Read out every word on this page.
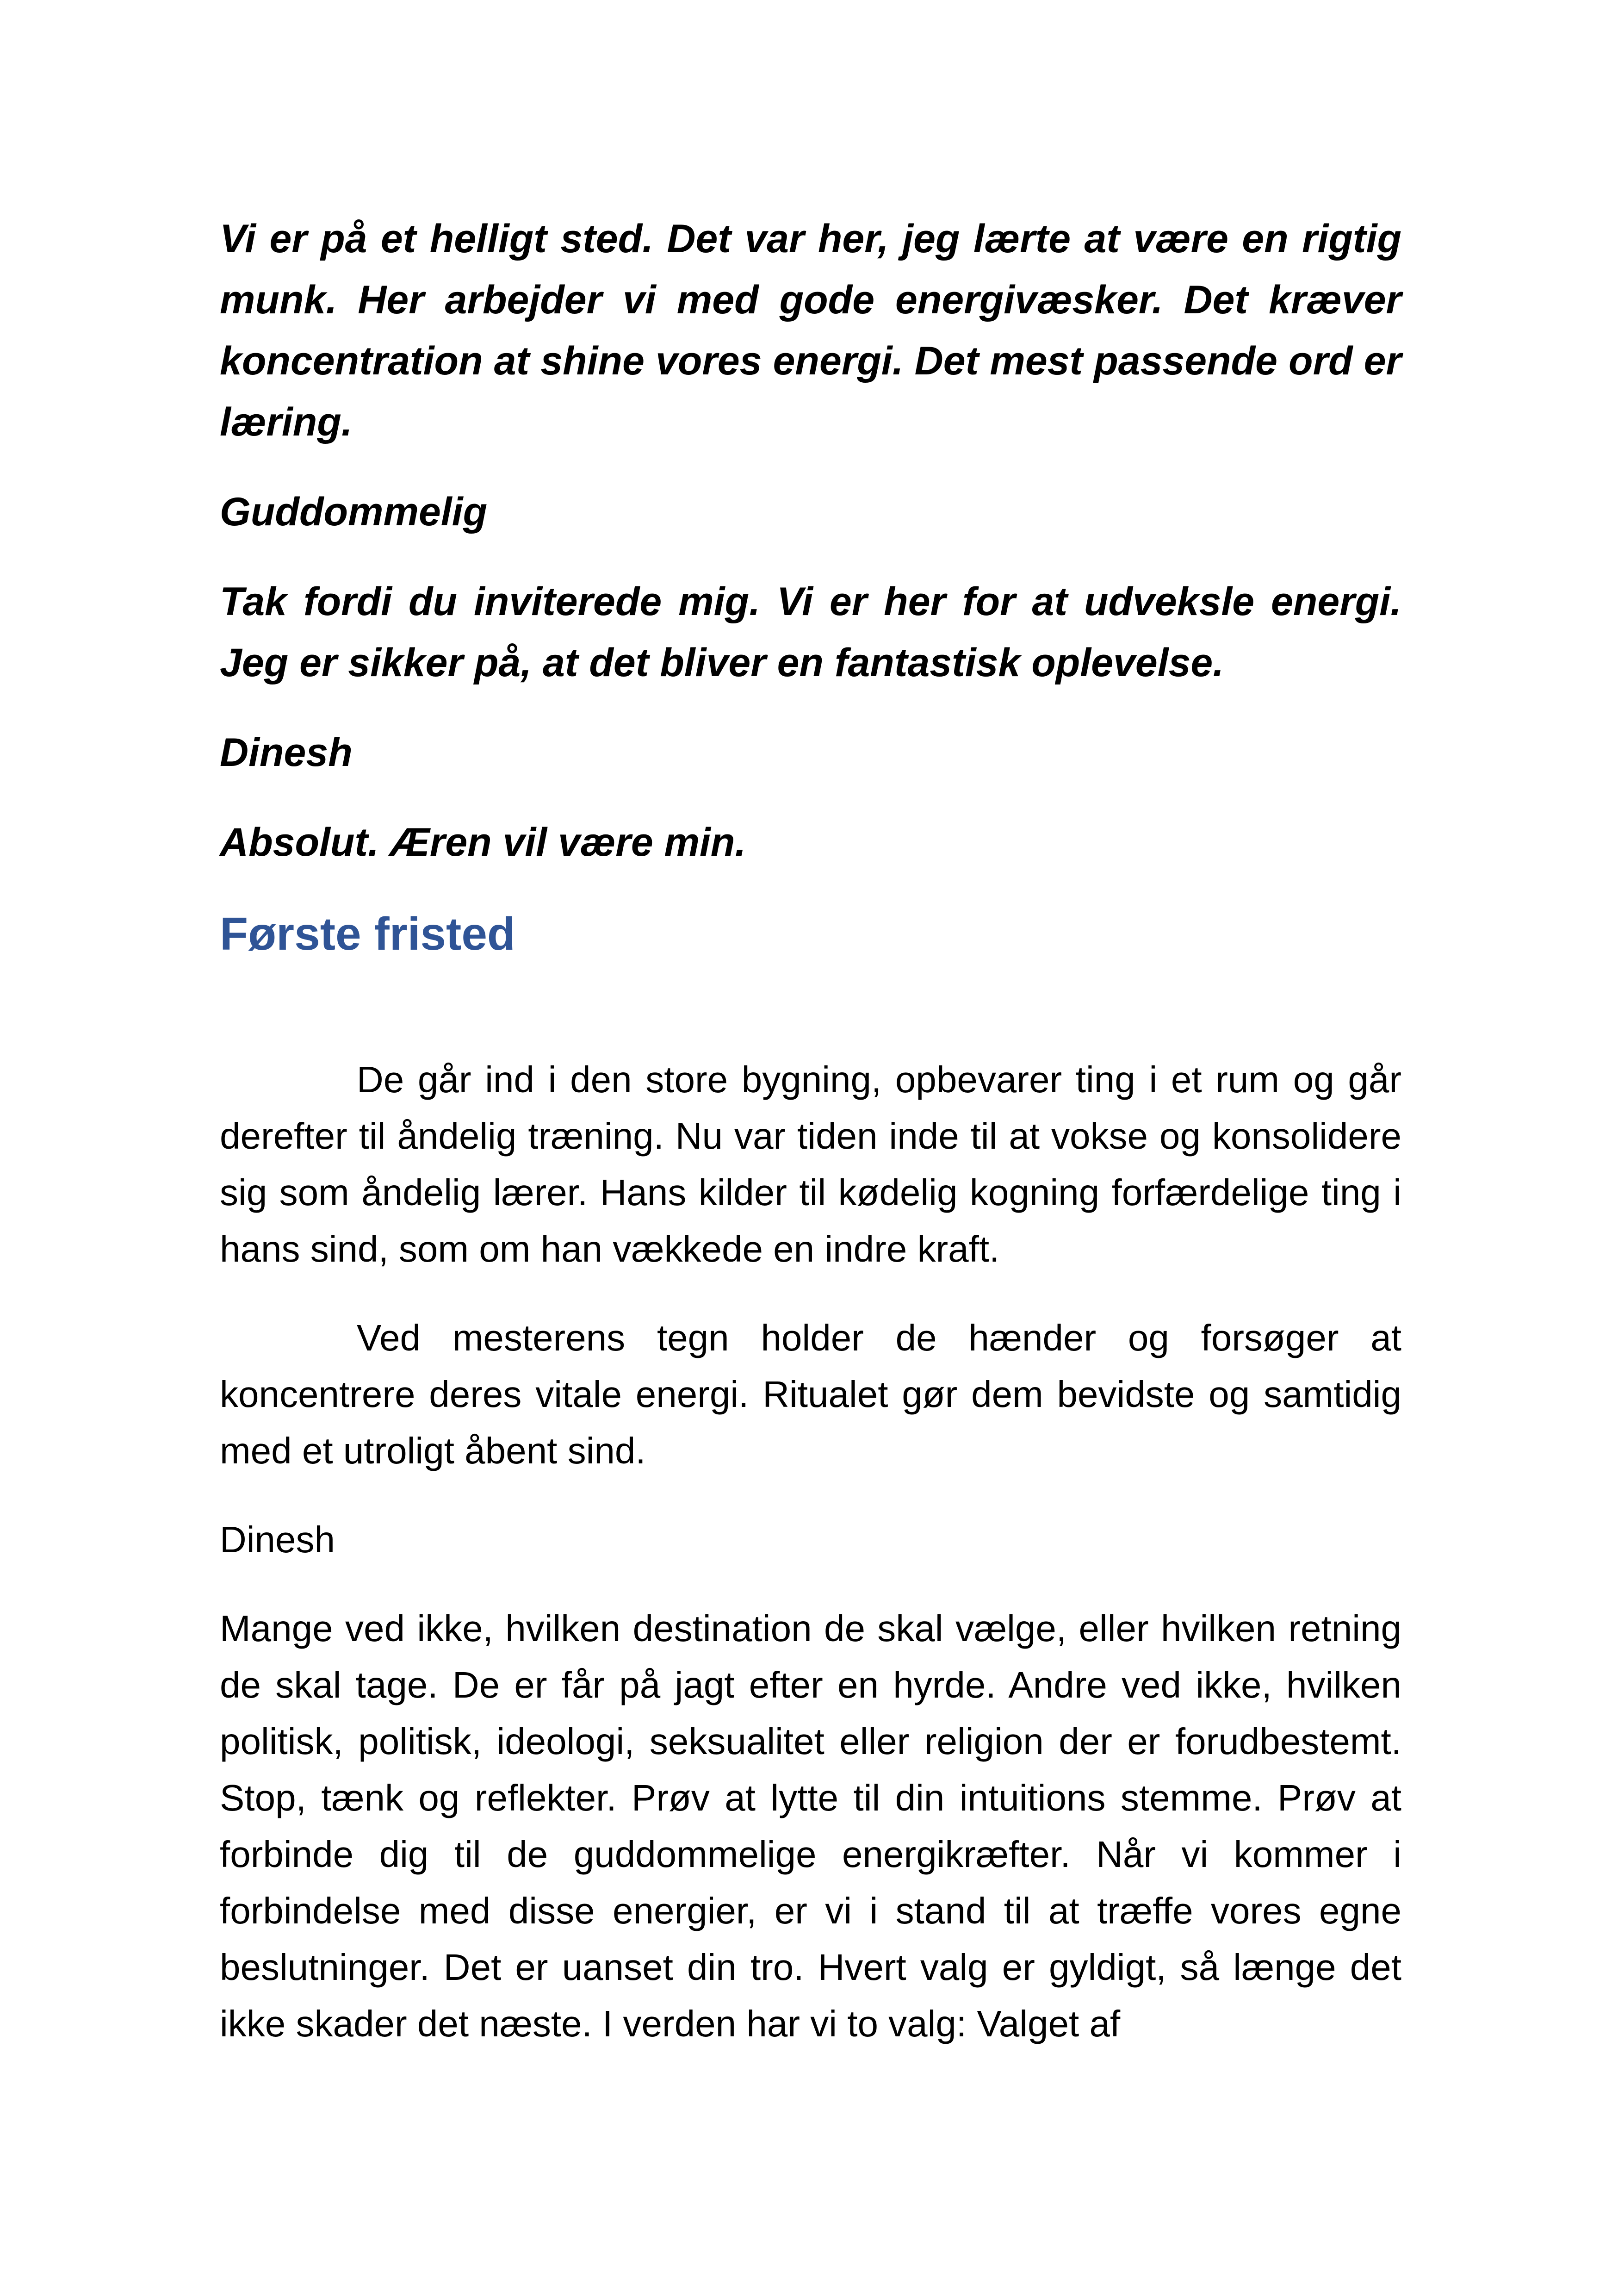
Vi er på et helligt sted. Det var her, jeg lærte at være en rigtig munk. Her arbejder vi med gode energivæsker. Det kræver koncentration at shine vores energi. Det mest passende ord er læring.

Guddommelig

Tak fordi du inviterede mig. Vi er her for at udveksle energi. Jeg er sikker på, at det bliver en fantastisk oplevelse.

Dinesh

Absolut. Æren vil være min.

Første fristed

De går ind i den store bygning, opbevarer ting i et rum og går derefter til åndelig træning. Nu var tiden inde til at vokse og konsolidere sig som åndelig lærer. Hans kilder til kødelig kogning forfærdelige ting i hans sind, som om han vækkede en indre kraft.

Ved mesterens tegn holder de hænder og forsøger at koncentrere deres vitale energi. Ritualet gør dem bevidste og samtidig med et utroligt åbent sind.

Dinesh

Mange ved ikke, hvilken destination de skal vælge, eller hvilken retning de skal tage. De er får på jagt efter en hyrde. Andre ved ikke, hvilken politisk, politisk, ideologi, seksualitet eller religion der er forudbestemt. Stop, tænk og reflekter. Prøv at lytte til din intuitions stemme. Prøv at forbinde dig til de guddommelige energikræfter. Når vi kommer i forbindelse med disse energier, er vi i stand til at træffe vores egne beslutninger. Det er uanset din tro. Hvert valg er gyldigt, så længe det ikke skader det næste. I verden har vi to valg: Valget af
